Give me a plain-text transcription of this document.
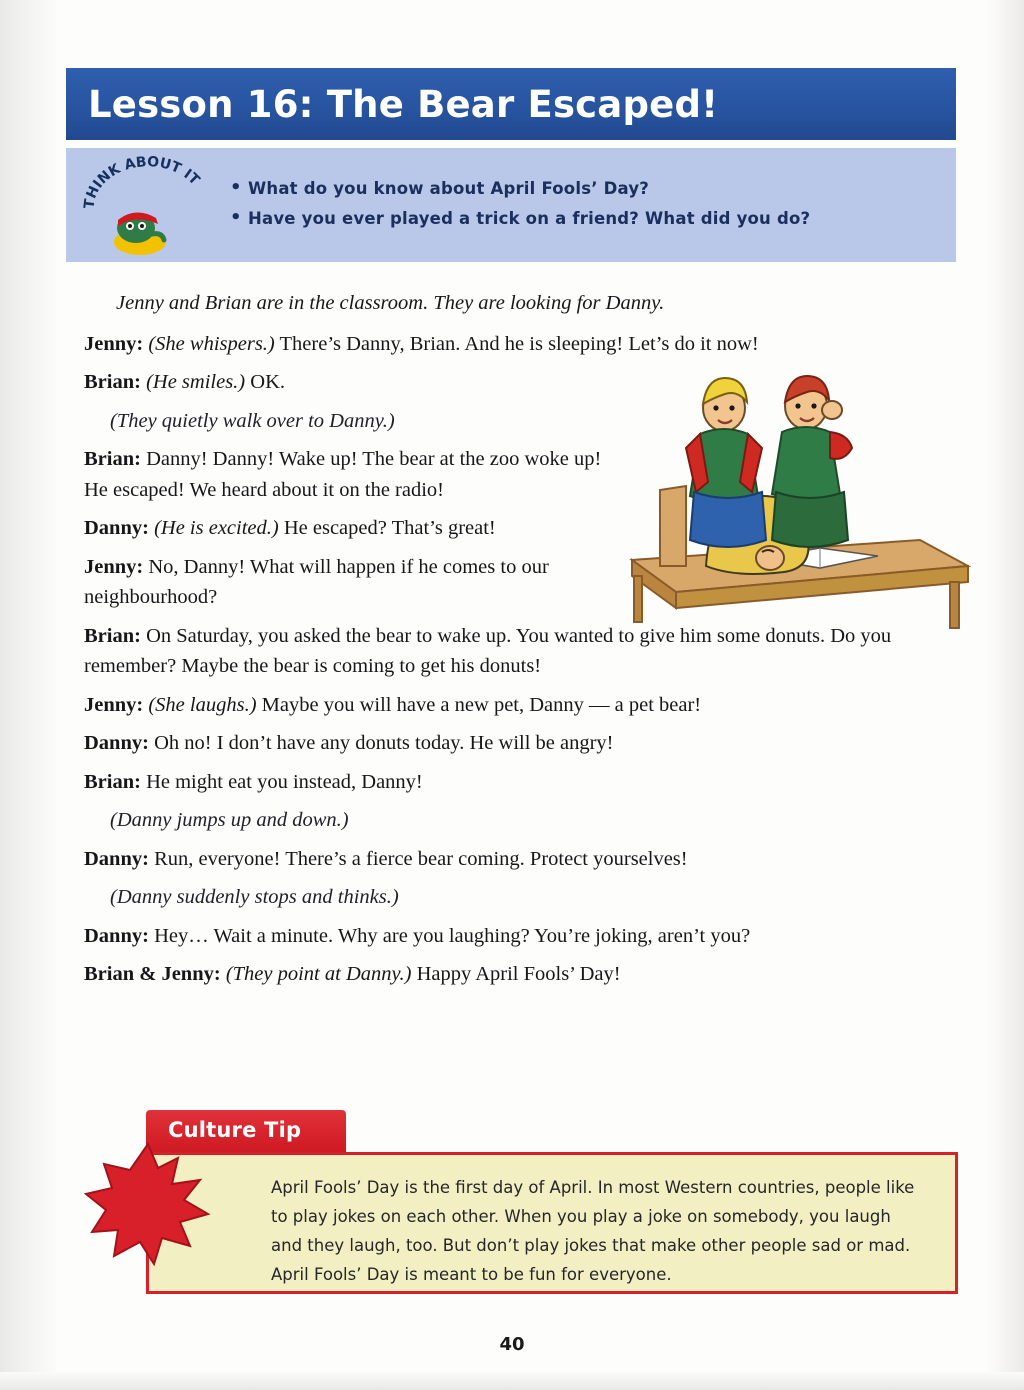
Lesson 16: The Bear Escaped!
THINK ABOUT IT	• What do you know about April Fools’ Day?
• Have you ever played a trick on a friend? What did you do?
Jenny and Brian are in the classroom. They are looking for Danny.
Jenny: (She whispers.) There’s Danny, Brian. And he is sleeping! Let’s do it now!
Brian: (He smiles.) OK.
(They quietly walk over to Danny.)
Brian: Danny! Danny! Wake up! The bear at the zoo woke up! He escaped! We heard about it on the radio!
Danny: (He is excited.) He escaped? That’s great!
Jenny: No, Danny! What will happen if he comes to our neighbourhood?
Brian: On Saturday, you asked the bear to wake up. You wanted to give him some donuts. Do you remember? Maybe the bear is coming to get his donuts!
Jenny: (She laughs.) Maybe you will have a new pet, Danny — a pet bear!
Danny: Oh no! I don’t have any donuts today. He will be angry!
Brian: He might eat you instead, Danny!
(Danny jumps up and down.)
Danny: Run, everyone! There’s a fierce bear coming. Protect yourselves!
(Danny suddenly stops and thinks.)
Danny: Hey… Wait a minute. Why are you laughing? You’re joking, aren’t you?
Brian & Jenny: (They point at Danny.) Happy April Fools’ Day!
Culture Tip
April Fools’ Day is the first day of April. In most Western countries, people like to play jokes on each other. When you play a joke on somebody, you laugh and they laugh, too. But don’t play jokes that make other people sad or mad. April Fools’ Day is meant to be fun for everyone.
40
